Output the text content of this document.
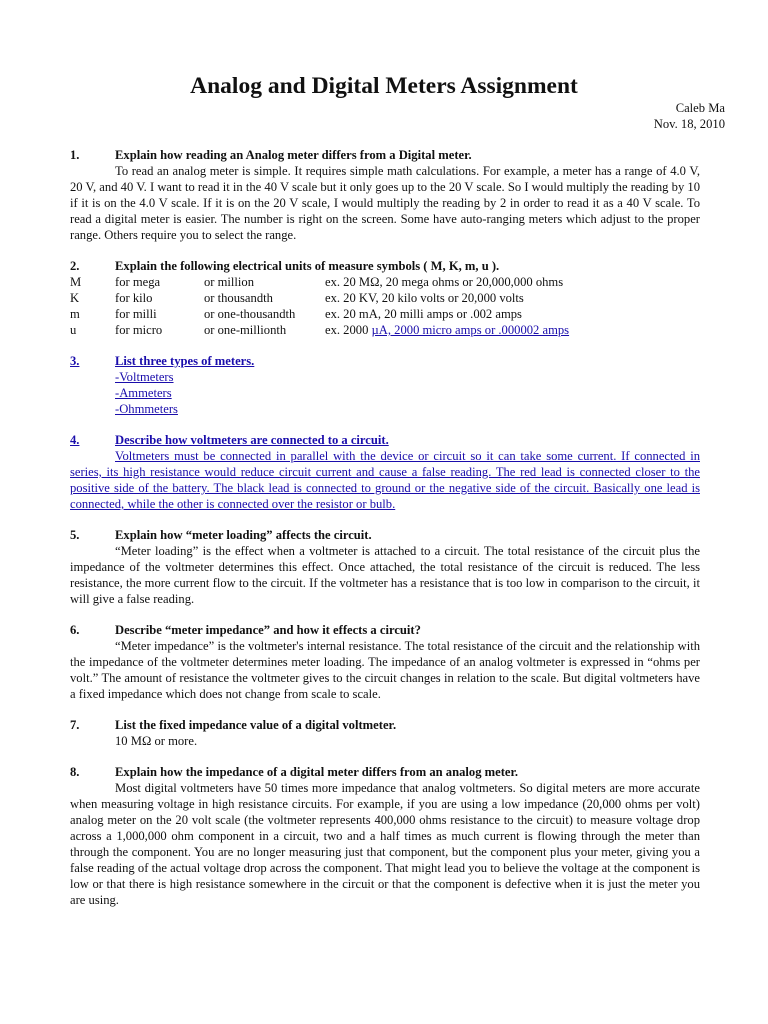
Analog and Digital Meters Assignment
Caleb Ma
Nov. 18, 2010
1.	Explain how reading an Analog meter differs from a Digital meter.
To read an analog meter is simple. It requires simple math calculations. For example, a meter has a range of 4.0 V, 20 V, and 40 V. I want to read it in the 40 V scale but it only goes up to the 20 V scale. So I would multiply the reading by 10 if it is on the 4.0 V scale. If it is on the 20 V scale, I would multiply the reading by 2 in order to read it as a 40 V scale. To read a digital meter is easier. The number is right on the screen. Some have auto-ranging meters which adjust to the proper range. Others require you to select the range.
2.	Explain the following electrical units of measure symbols ( M, K, m, u ).
M	for mega	or million	ex. 20 MΩ, 20 mega ohms or 20,000,000 ohms
K	for kilo	or thousandth	ex. 20 KV, 20 kilo volts or 20,000 volts
m	for milli	or one-thousandth	ex. 20 mA, 20 milli amps or .002 amps
u	for micro	or one-millionth	ex. 2000 µA, 2000 micro amps or .000002 amps
3.	List three types of meters.
-Voltmeters
-Ammeters
-Ohmmeters
4.	Describe how voltmeters are connected to a circuit.
Voltmeters must be connected in parallel with the device or circuit so it can take some current. If connected in series, its high resistance would reduce circuit current and cause a false reading. The red lead is connected closer to the positive side of the battery. The black lead is connected to ground or the negative side of the circuit. Basically one lead is connected, while the other is connected over the resistor or bulb.
5.	Explain how “meter loading” affects the circuit.
“Meter loading” is the effect when a voltmeter is attached to a circuit. The total resistance of the circuit plus the impedance of the voltmeter determines this effect. Once attached, the total resistance of the circuit is reduced. The less resistance, the more current flow to the circuit. If the voltmeter has a resistance that is too low in comparison to the circuit, it will give a false reading.
6.	Describe “meter impedance” and how it effects a circuit?
“Meter impedance” is the voltmeter's internal resistance. The total resistance of the circuit and the relationship with the impedance of the voltmeter determines meter loading. The impedance of an analog voltmeter is expressed in “ohms per volt.” The amount of resistance the voltmeter gives to the circuit changes in relation to the scale. But digital voltmeters have a fixed impedance which does not change from scale to scale.
7.	List the fixed impedance value of a digital voltmeter.
10 MΩ or more.
8.	Explain how the impedance of a digital meter differs from an analog meter.
Most digital voltmeters have 50 times more impedance that analog voltmeters. So digital meters are more accurate when measuring voltage in high resistance circuits. For example, if you are using a low impedance (20,000 ohms per volt) analog meter on the 20 volt scale (the voltmeter represents 400,000 ohms resistance to the circuit) to measure voltage drop across a 1,000,000 ohm component in a circuit, two and a half times as much current is flowing through the meter than through the component. You are no longer measuring just that component, but the component plus your meter, giving you a false reading of the actual voltage drop across the component. That might lead you to believe the voltage at the component is low or that there is high resistance somewhere in the circuit or that the component is defective when it is just the meter you are using.
